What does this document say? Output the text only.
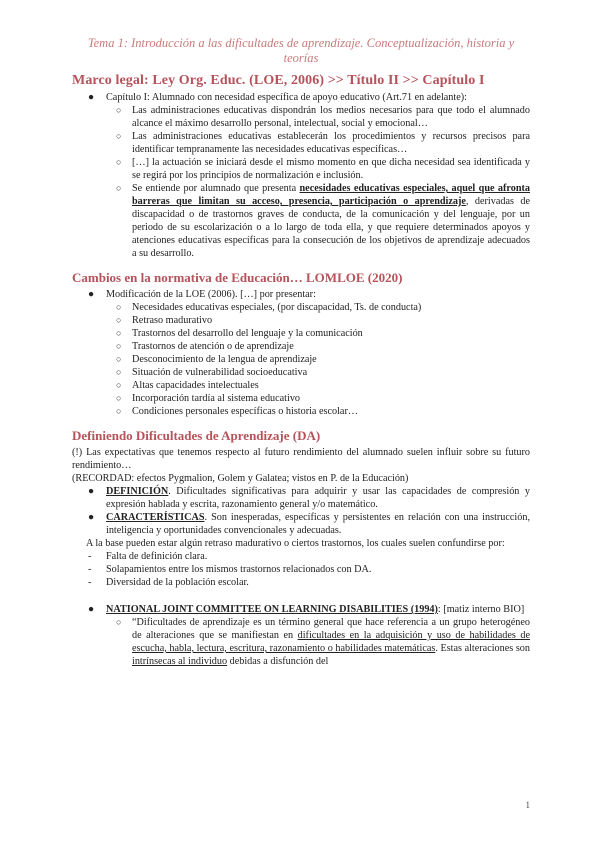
Tema 1: Introducción a las dificultades de aprendizaje. Conceptualización, historia y teorías
Marco legal: Ley Org. Educ. (LOE, 2006) >> Título II >> Capítulo I
● Capítulo I: Alumnado con necesidad específica de apoyo educativo (Art.71 en adelante):
○ Las administraciones educativas dispondrán los medios necesarios para que todo el alumnado alcance el máximo desarrollo personal, intelectual, social y emocional…
○ Las administraciones educativas establecerán los procedimientos y recursos precisos para identificar tempranamente las necesidades educativas específicas…
○ […] la actuación se iniciará desde el mismo momento en que dicha necesidad sea identificada y se regirá por los principios de normalización e inclusión.
○ Se entiende por alumnado que presenta necesidades educativas especiales, aquel que afronta barreras que limitan su acceso, presencia, participación o aprendizaje, derivadas de discapacidad o de trastornos graves de conducta, de la comunicación y del lenguaje, por un periodo de su escolarización o a lo largo de toda ella, y que requiere determinados apoyos y atenciones educativas específicas para la consecución de los objetivos de aprendizaje adecuados a su desarrollo.
Cambios en la normativa de Educación… LOMLOE (2020)
● Modificación de la LOE (2006). […] por presentar:
○ Necesidades educativas especiales, (por discapacidad, Ts. de conducta)
○ Retraso madurativo
○ Trastornos del desarrollo del lenguaje y la comunicación
○ Trastornos de atención o de aprendizaje
○ Desconocimiento de la lengua de aprendizaje
○ Situación de vulnerabilidad socioeducativa
○ Altas capacidades intelectuales
○ Incorporación tardía al sistema educativo
○ Condiciones personales específicas o historia escolar…
Definiendo Dificultades de Aprendizaje (DA)

(!) Las expectativas que tenemos respecto al futuro rendimiento del alumnado suelen influir sobre su futuro rendimiento…

(RECORDAD: efectos Pygmalion, Golem y Galatea; vistos en P. de la Educación)

● DEFINICIÓN. Dificultades significativas para adquirir y usar las capacidades de compresión y expresión hablada y escrita, razonamiento general y/o matemático.
● CARACTERÍSTICAS. Son inesperadas, específicas y persistentes en relación con una instrucción, inteligencia y oportunidades convencionales y adecuadas.

A la base pueden estar algún retraso madurativo o ciertos trastornos, los cuales suelen confundirse por:

- Falta de definición clara.
- Solapamientos entre los mismos trastornos relacionados con DA.
- Diversidad de la población escolar.
● NATIONAL JOINT COMMITTEE ON LEARNING DISABILITIES (1994): [matiz interno BIO]
○ “Dificultades de aprendizaje es un término general que hace referencia a un grupo heterogéneo de alteraciones que se manifiestan en dificultades en la adquisición y uso de habilidades de escucha, habla, lectura, escritura, razonamiento o habilidades matemáticas. Estas alteraciones son intrínsecas al individuo debidas a disfunción del
1
